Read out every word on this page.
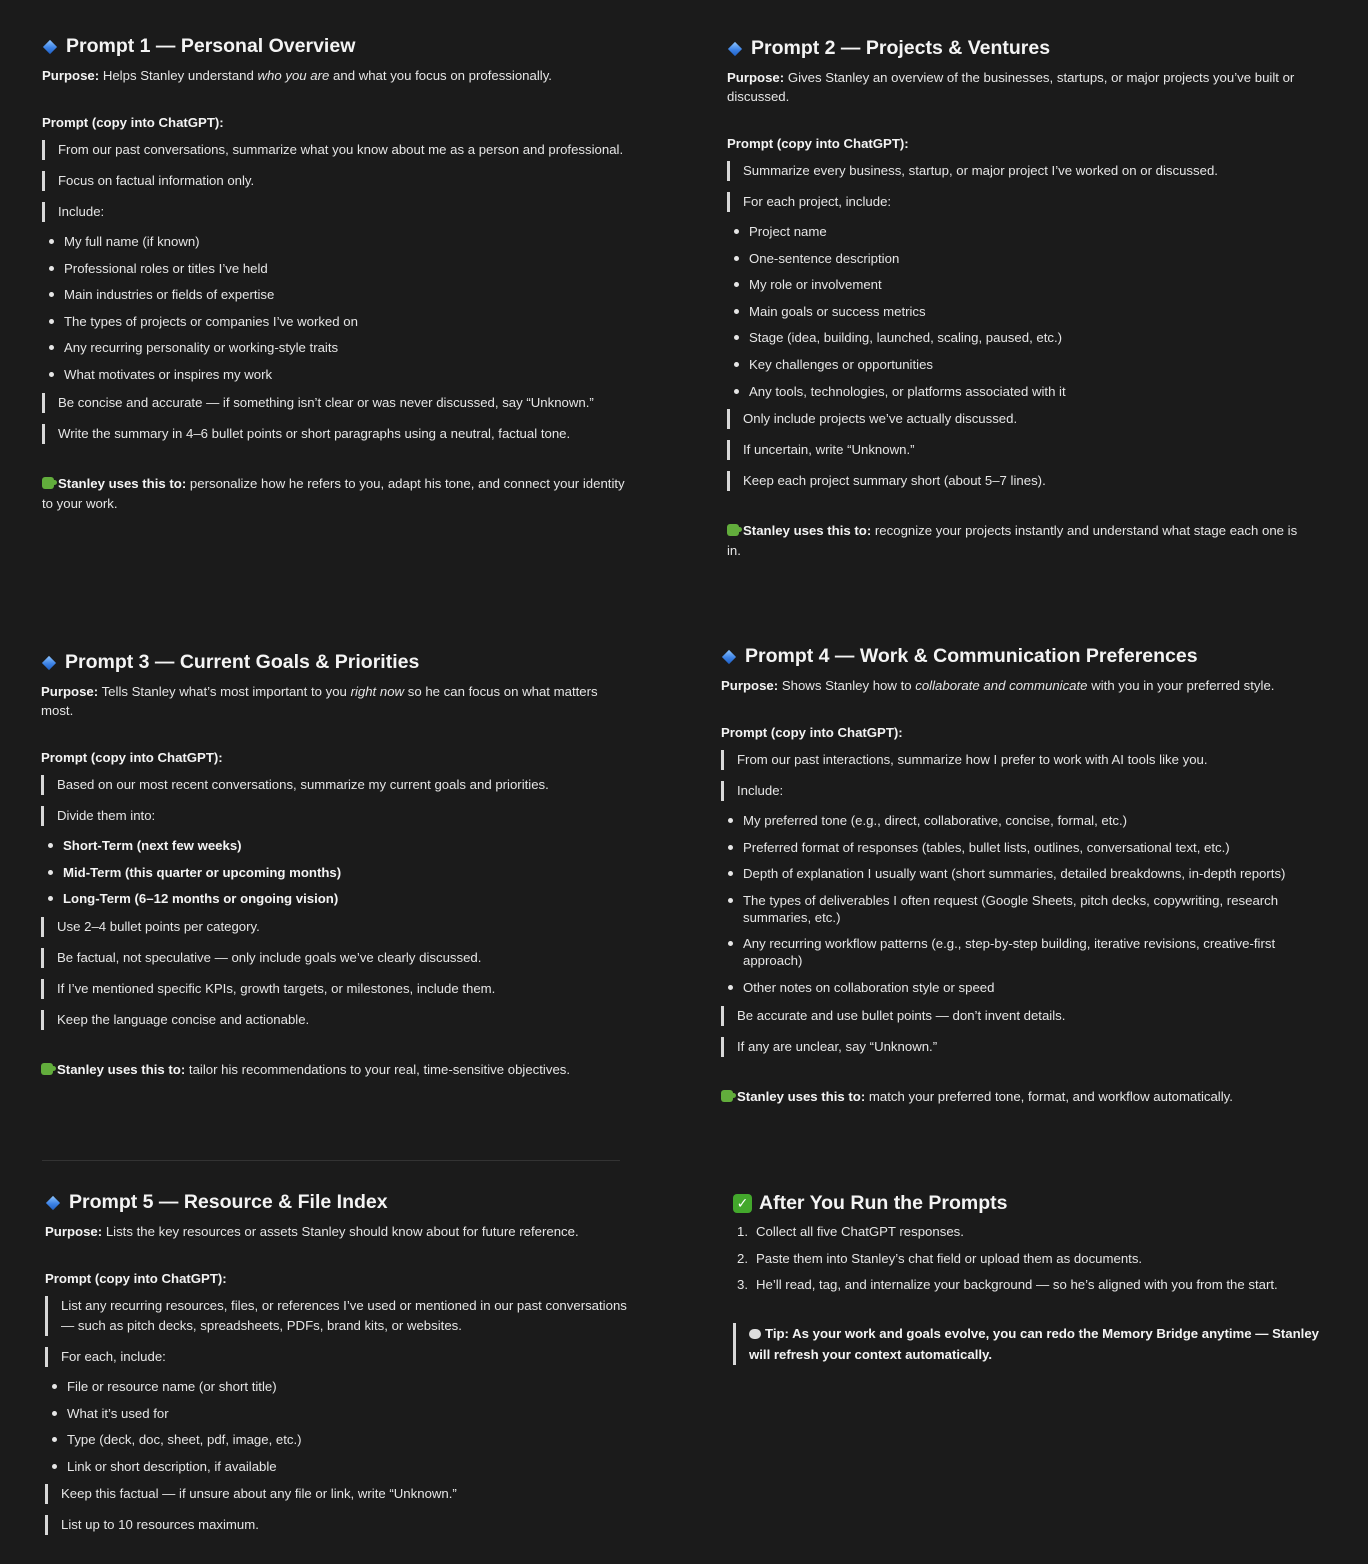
Prompt 1 — Personal Overview
Purpose: Helps Stanley understand who you are and what you focus on professionally.
Prompt (copy into ChatGPT):
From our past conversations, summarize what you know about me as a person and professional.
Focus on factual information only.
Include:
My full name (if known)
Professional roles or titles I’ve held
Main industries or fields of expertise
The types of projects or companies I’ve worked on
Any recurring personality or working-style traits
What motivates or inspires my work
Be concise and accurate — if something isn’t clear or was never discussed, say “Unknown.”
Write the summary in 4–6 bullet points or short paragraphs using a neutral, factual tone.
Stanley uses this to: personalize how he refers to you, adapt his tone, and connect your identity to your work.
Prompt 2 — Projects & Ventures
Purpose: Gives Stanley an overview of the businesses, startups, or major projects you’ve built or discussed.
Prompt (copy into ChatGPT):
Summarize every business, startup, or major project I’ve worked on or discussed.
For each project, include:
Project name
One-sentence description
My role or involvement
Main goals or success metrics
Stage (idea, building, launched, scaling, paused, etc.)
Key challenges or opportunities
Any tools, technologies, or platforms associated with it
Only include projects we’ve actually discussed.
If uncertain, write “Unknown.”
Keep each project summary short (about 5–7 lines).
Stanley uses this to: recognize your projects instantly and understand what stage each one is in.
Prompt 3 — Current Goals & Priorities
Purpose: Tells Stanley what’s most important to you right now so he can focus on what matters most.
Prompt (copy into ChatGPT):
Based on our most recent conversations, summarize my current goals and priorities.
Divide them into:
Short-Term (next few weeks)
Mid-Term (this quarter or upcoming months)
Long-Term (6–12 months or ongoing vision)
Use 2–4 bullet points per category.
Be factual, not speculative — only include goals we’ve clearly discussed.
If I’ve mentioned specific KPIs, growth targets, or milestones, include them.
Keep the language concise and actionable.
Stanley uses this to: tailor his recommendations to your real, time-sensitive objectives.
Prompt 4 — Work & Communication Preferences
Purpose: Shows Stanley how to collaborate and communicate with you in your preferred style.
Prompt (copy into ChatGPT):
From our past interactions, summarize how I prefer to work with AI tools like you.
Include:
My preferred tone (e.g., direct, collaborative, concise, formal, etc.)
Preferred format of responses (tables, bullet lists, outlines, conversational text, etc.)
Depth of explanation I usually want (short summaries, detailed breakdowns, in-depth reports)
The types of deliverables I often request (Google Sheets, pitch decks, copywriting, research summaries, etc.)
Any recurring workflow patterns (e.g., step-by-step building, iterative revisions, creative-first approach)
Other notes on collaboration style or speed
Be accurate and use bullet points — don’t invent details.
If any are unclear, say “Unknown.”
Stanley uses this to: match your preferred tone, format, and workflow automatically.
Prompt 5 — Resource & File Index
Purpose: Lists the key resources or assets Stanley should know about for future reference.
Prompt (copy into ChatGPT):
List any recurring resources, files, or references I’ve used or mentioned in our past conversations — such as pitch decks, spreadsheets, PDFs, brand kits, or websites.
For each, include:
File or resource name (or short title)
What it’s used for
Type (deck, doc, sheet, pdf, image, etc.)
Link or short description, if available
Keep this factual — if unsure about any file or link, write “Unknown.”
List up to 10 resources maximum.
✓ After You Run the Prompts
1. Collect all five ChatGPT responses.
2. Paste them into Stanley’s chat field or upload them as documents.
3. He’ll read, tag, and internalize your background — so he’s aligned with you from the start.
Tip: As your work and goals evolve, you can redo the Memory Bridge anytime — Stanley will refresh your context automatically.
